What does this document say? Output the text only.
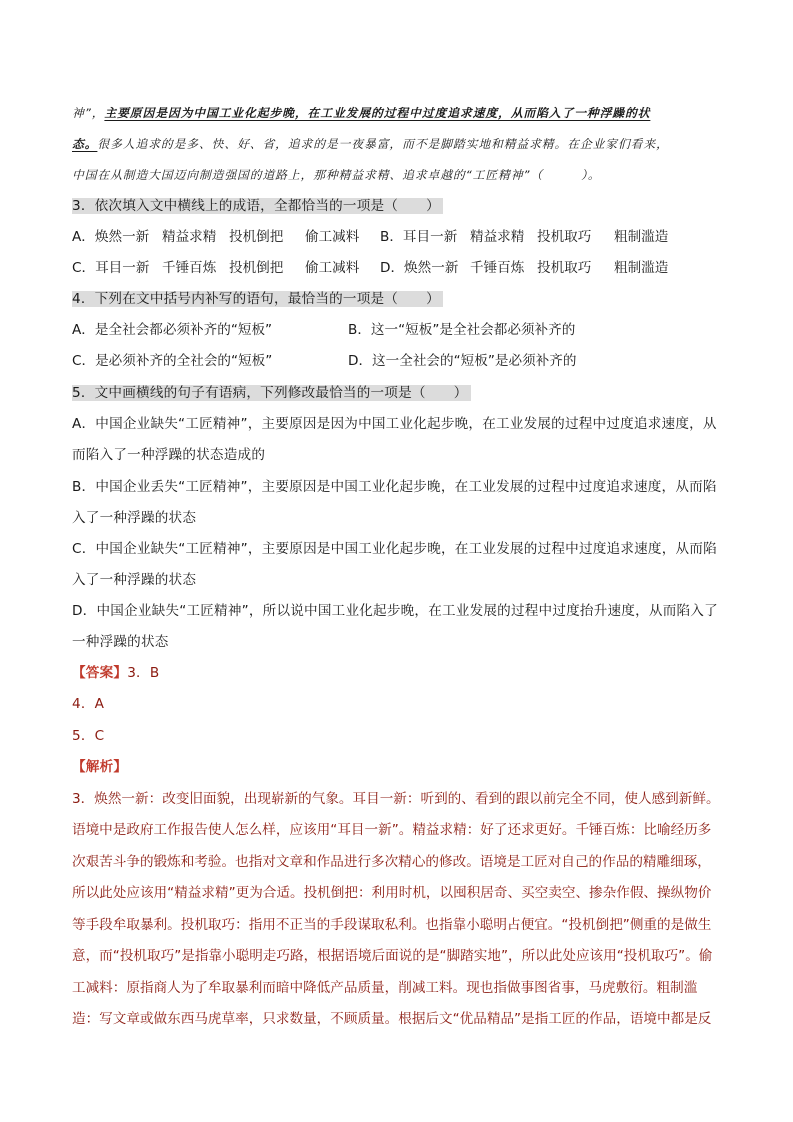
神”，主要原因是因为中国工业化起步晚，在工业发展的过程中过度追求速度，从而陷入了一种浮躁的状
态。很多人追求的是多、快、好、省，追求的是一夜暴富，而不是脚踏实地和精益求精。在企业家们看来，
中国在从制造大国迈向制造强国的道路上，那种精益求精、追求卓越的“工匠精神”（	）。
3．依次填入文中横线上的成语，全都恰当的一项是（ ）
A．焕然一新 精益求精 投机倒把 偷工减料 B．耳目一新 精益求精 投机取巧 粗制滥造
C．耳目一新 千锤百炼 投机倒把 偷工减料 D．焕然一新 千锤百炼 投机取巧 粗制滥造
4．下列在文中括号内补写的语句，最恰当的一项是（ ）
A．是全社会都必须补齐的“短板”	B．这一“短板”是全社会都必须补齐的
C．是必须补齐的全社会的“短板”	D．这一全社会的“短板”是必须补齐的
5．文中画横线的句子有语病，下列修改最恰当的一项是（ ）
A．中国企业缺失“工匠精神”，主要原因是因为中国工业化起步晚，在工业发展的过程中过度追求速度，从
而陷入了一种浮躁的状态造成的
B．中国企业丢失“工匠精神”，主要原因是中国工业化起步晚，在工业发展的过程中过度追求速度，从而陷
入了一种浮躁的状态
C．中国企业缺失“工匠精神”，主要原因是中国工业化起步晚，在工业发展的过程中过度追求速度，从而陷
入了一种浮躁的状态
D．中国企业缺失“工匠精神”，所以说中国工业化起步晚，在工业发展的过程中过度抬升速度，从而陷入了
一种浮躁的状态
【答案】3．B
4．A
5．C
【解析】
3．焕然一新：改变旧面貌，出现崭新的气象。耳目一新：听到的、看到的跟以前完全不同，使人感到新鲜。
语境中是政府工作报告使人怎么样，应该用“耳目一新”。精益求精：好了还求更好。千锤百炼：比喻经历多
次艰苦斗争的锻炼和考验。也指对文章和作品进行多次精心的修改。语境是工匠对自己的作品的精雕细琢，
所以此处应该用“精益求精”更为合适。投机倒把：利用时机，以囤积居奇、买空卖空、掺杂作假、操纵物价
等手段牟取暴利。投机取巧：指用不正当的手段谋取私利。也指靠小聪明占便宜。“投机倒把”侧重的是做生
意，而“投机取巧”是指靠小聪明走巧路，根据语境后面说的是“脚踏实地”，所以此处应该用“投机取巧”。偷
工减料：原指商人为了牟取暴利而暗中降低产品质量，削减工料。现也指做事图省事，马虎敷衍。粗制滥
造：写文章或做东西马虎草率，只求数量，不顾质量。根据后文“优品精品”是指工匠的作品，语境中都是反
